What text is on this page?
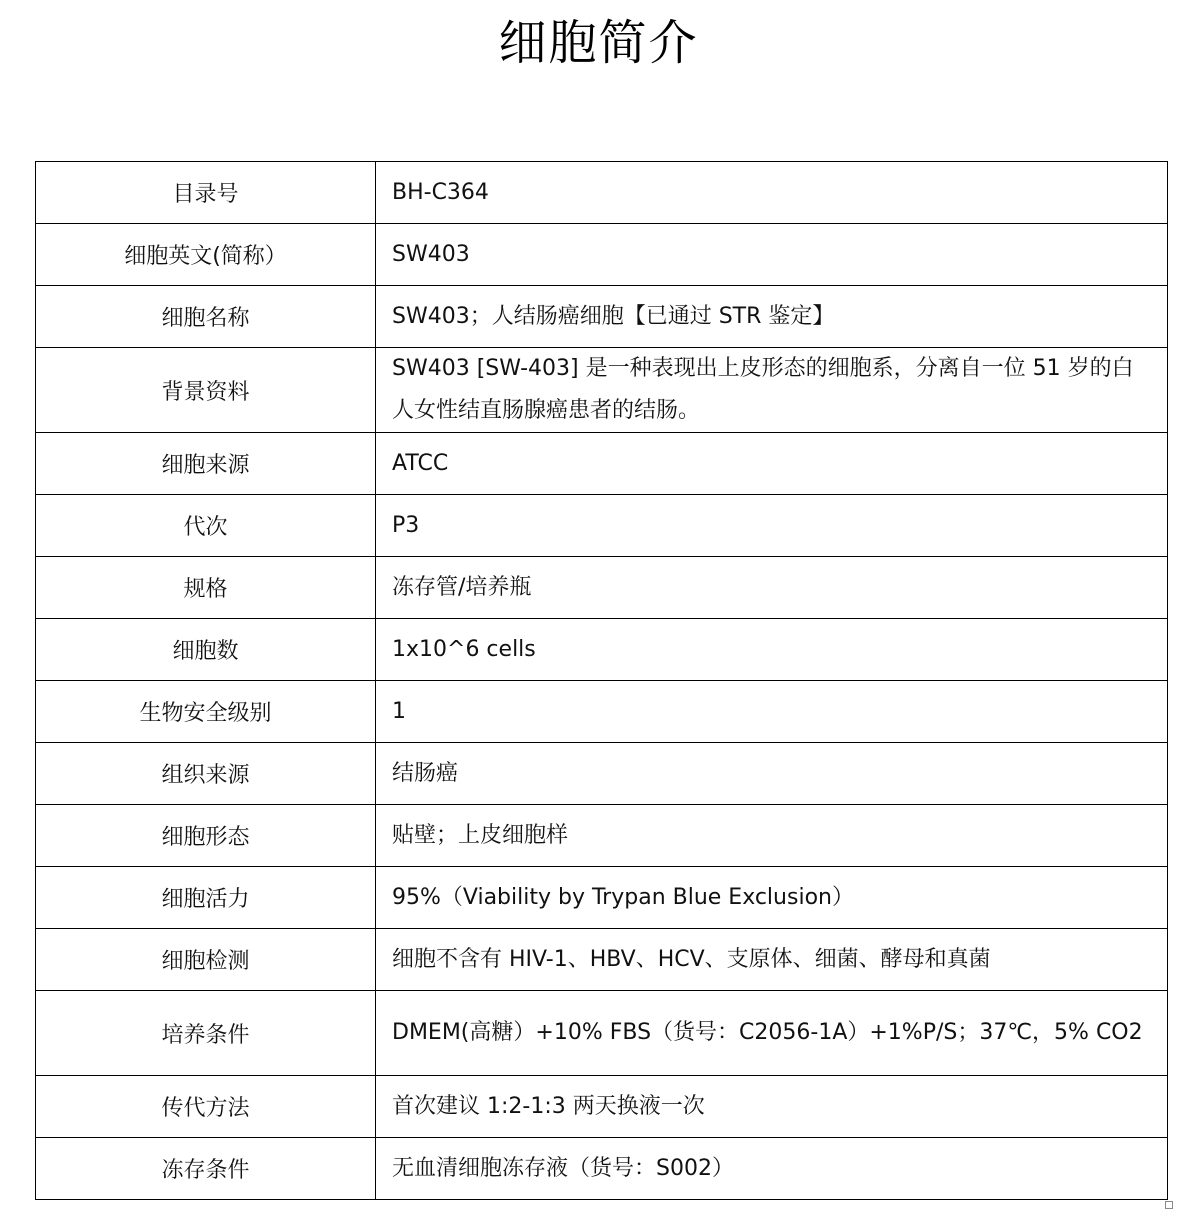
细胞简介
目录号	BH-C364
细胞英文(简称）	SW403
细胞名称	SW403；人结肠癌细胞【已通过 STR 鉴定】
背景资料	SW403 [SW-403] 是一种表现出上皮形态的细胞系，分离自一位 51 岁的白人女性结直肠腺癌患者的结肠。
细胞来源	ATCC
代次	P3
规格	冻存管/培养瓶
细胞数	1x10^6 cells
生物安全级别	1
组织来源	结肠癌
细胞形态	贴壁；上皮细胞样
细胞活力	95%（Viability by Trypan Blue Exclusion）
细胞检测	细胞不含有 HIV-1、HBV、HCV、支原体、细菌、酵母和真菌
培养条件	DMEM(高糖）+10% FBS（货号：C2056-1A）+1%P/S；37℃，5% CO2
传代方法	首次建议 1:2-1:3 两天换液一次
冻存条件	无血清细胞冻存液（货号：S002）
